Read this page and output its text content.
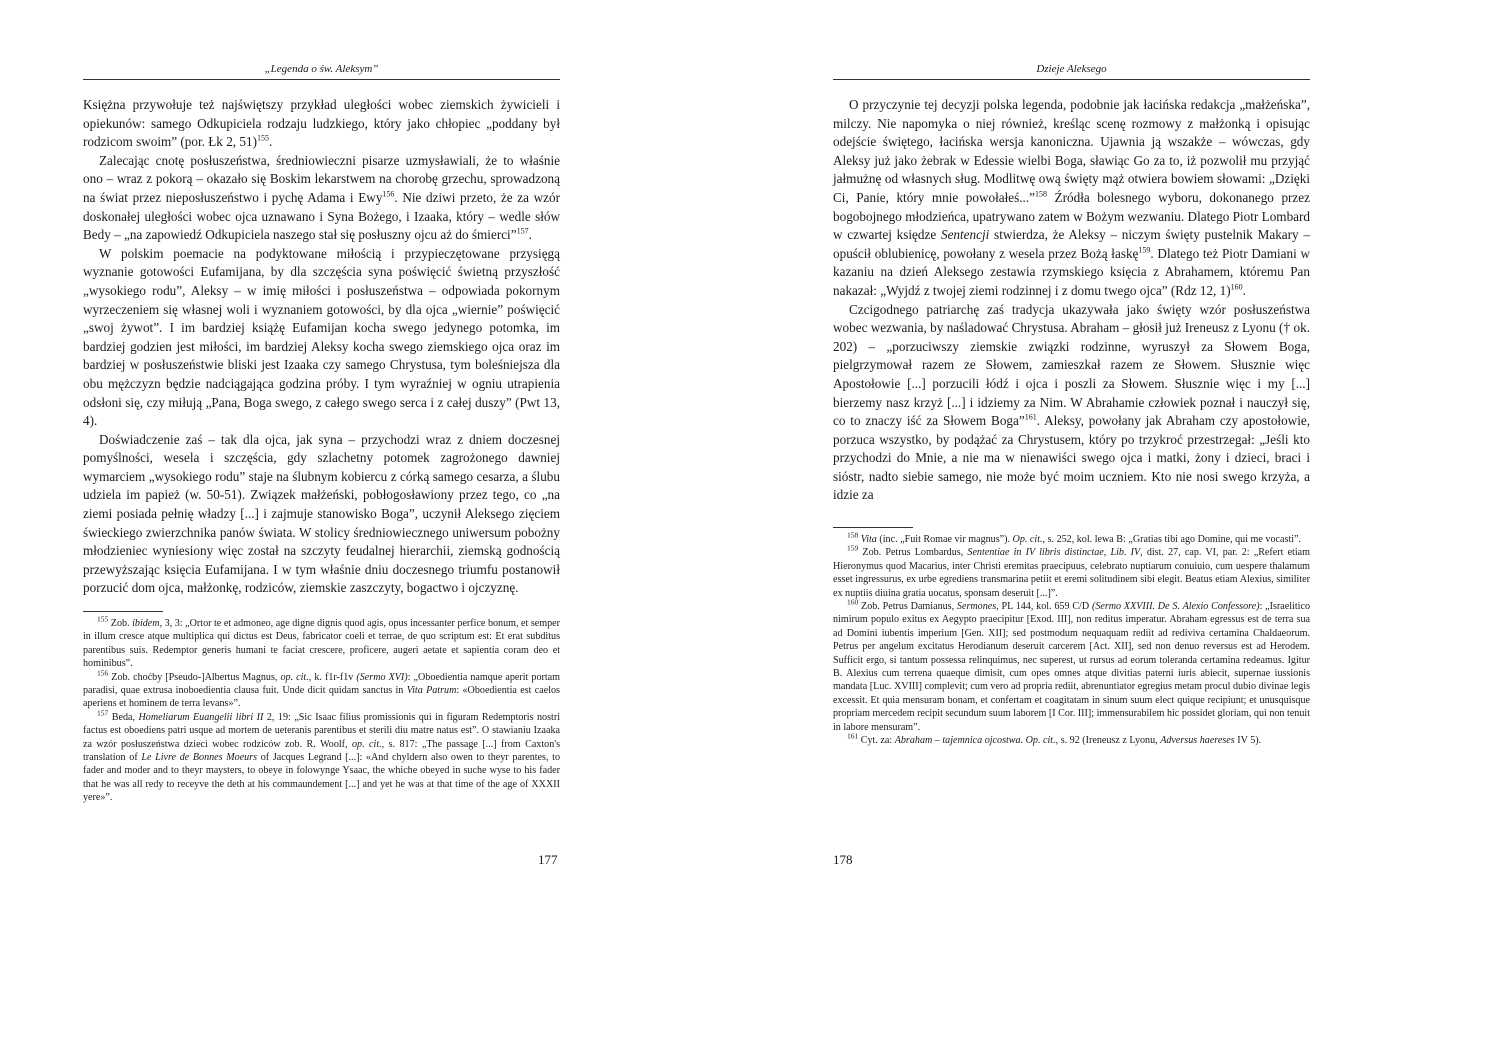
„Legenda o św. Aleksym”

Księżna przywołuje też najświętszy przykład uległości wobec ziemskich żywicieli i opiekunów: samego Odkupiciela rodzaju ludzkiego, który jako chłopiec „poddany był rodzicom swoim” (por. Łk 2, 51)$^{155}$.

Zalecając cnotę posłuszeństwa, średniowieczni pisarze uzmysławiali, że to właśnie ono – wraz z pokorą – okazało się Boskim lekarstwem na chorobę grzechu, sprowadzoną na świat przez nieposłuszeństwo i pychę Adama i Ewy$^{156}$. Nie dziwi przeto, że za wzór doskonałej uległości wobec ojca uznawano i Syna Bożego, i Izaaka, który – wedle słów Bedy – „na zapowiedź Odkupiciela naszego stał się posłuszny ojcu aż do śmierci”$^{157}$.

W polskim poemacie na podyktowane miłością i przypieczętowane przysięgą wyznanie gotowości Eufamijana, by dla szczęścia syna poświęcić świetną przyszłość „wysokiego rodu”, Aleksy – w imię miłości i posłuszeństwa – odpowiada pokornym wyrzeczeniem się własnej woli i wyznaniem gotowości, by dla ojca „wiernie” poświęcić „swoj żywot”. I im bardziej książę Eufamijan kocha swego jedynego potomka, im bardziej godzien jest miłości, im bardziej Aleksy kocha swego ziemskiego ojca oraz im bardziej w posłuszeństwie bliski jest Izaaka czy samego Chrystusa, tym boleśniejsza dla obu mężczyzn będzie nadciągająca godzina próby. I tym wyraźniej w ogniu utrapienia odsłoni się, czy miłują „Pana, Boga swego, z całego swego serca i z całej duszy” (Pwt 13, 4).

Doświadczenie zaś – tak dla ojca, jak syna – przychodzi wraz z dniem doczesnej pomyślności, wesela i szczęścia, gdy szlachetny potomek zagrożonego dawniej wymarciem „wysokiego rodu” staje na ślubnym kobiercu z córką samego cesarza, a ślubu udziela im papież (w. 50-51). Związek małżeński, pobłogosławiony przez tego, co „na ziemi posiada pełnię władzy [...] i zajmuje stanowisko Boga”, uczynił Aleksego zięciem świeckiego zwierzchnika panów świata. W stolicy średniowiecznego uniwersum pobożny młodzieniec wyniesiony więc został na szczyty feudalnej hierarchii, ziemską godnością przewyższając księcia Eufamijana. I w tym właśnie dniu doczesnego triumfu postanowił porzucić dom ojca, małżonkę, rodziców, ziemskie zaszczyty, bogactwo i ojczyznę.

$^{155}$ Zob. ibidem, 3, 3: „Ortor te et admoneo, age digne dignis quod agis, opus incessanter perfice bonum, et semper in illum cresce atque multiplica qui dictus est Deus, fabricator coeli et terrae, de quo scriptum est: Et erat subditus parentibus suis. Redemptor generis humani te faciat crescere, proficere, augeri aetate et sapientia coram deo et hominibus”.

$^{156}$ Zob. choćby [Pseudo-]Albertus Magnus, op. cit., k. f1r-f1v (Sermo XVI): „Oboedientia namque aperit portam paradisi, quae extrusa inoboedientia clausa fuit. Unde dicit quidam sanctus in Vita Patrum: «Oboedientia est caelos aperiens et hominem de terra levans»”.

$^{157}$ Beda, Homeliarum Euangelii libri II 2, 19: „Sic Isaac filius promissionis qui in figuram Redemptoris nostri factus est oboediens patri usque ad mortem de ueteranis parentibus et sterili diu matre natus est”. O stawianiu Izaaka za wzór posłuszeństwa dzieci wobec rodziców zob. R. Woolf, op. cit., s. 817: „The passage [...] from Caxton's translation of Le Livre de Bonnes Moeurs of Jacques Legrand [...]: «And chyldern also owen to theyr parentes, to fader and moder and to theyr maysters, to obeye in folowynge Ysaac, the whiche obeyed in suche wyse to his fader that he was all redy to receyve the deth at his commaundement [...] and yet he was at that time of the age of XXXII yere»”.

177
Dzieje Aleksego

O przyczynie tej decyzji polska legenda, podobnie jak łacińska redakcja „małżeńska”, milczy. Nie napomyka o niej również, kreśląc scenę rozmowy z małżonką i opisując odejście świętego, łacińska wersja kanoniczna. Ujawnia ją wszakże – wówczas, gdy Aleksy już jako żebrak w Edessie wielbi Boga, sławiąc Go za to, iż pozwolił mu przyjąć jałmużnę od własnych sług. Modlitwę ową święty mąż otwiera bowiem słowami: „Dzięki Ci, Panie, który mnie powołałeś...”$^{158}$ Źródła bolesnego wyboru, dokonanego przez bogobojnego młodzieńca, upatrywano zatem w Bożym wezwaniu. Dlatego Piotr Lombard w czwartej księdze Sentencji stwierdza, że Aleksy – niczym święty pustelnik Makary – opuścił oblubienicę, powołany z wesela przez Bożą łaskę$^{159}$. Dlatego też Piotr Damiani w kazaniu na dzień Aleksego zestawia rzymskiego księcia z Abrahamem, któremu Pan nakazał: „Wyjdź z twojej ziemi rodzinnej i z domu twego ojca” (Rdz 12, 1)$^{160}$.

Czcigodnego patriarchę zaś tradycja ukazywała jako święty wzór posłuszeństwa wobec wezwania, by naśladować Chrystusa. Abraham – głosił już Ireneusz z Lyonu († ok. 202) – „porzuciwszy ziemskie związki rodzinne, wyruszył za Słowem Boga, pielgrzymował razem ze Słowem, zamieszkał razem ze Słowem. Słusznie więc Apostołowie [...] porzucili łódź i ojca i poszli za Słowem. Słusznie więc i my [...] bierzemy nasz krzyż [...] i idziemy za Nim. W Abrahamie człowiek poznał i nauczył się, co to znaczy iść za Słowem Boga”$^{161}$. Aleksy, powołany jak Abraham czy apostołowie, porzuca wszystko, by podążać za Chrystusem, który po trzykroć przestrzegał: „Jeśli kto przychodzi do Mnie, a nie ma w nienawiści swego ojca i matki, żony i dzieci, braci i sióstr, nadto siebie samego, nie może być moim uczniem. Kto nie nosi swego krzyża, a idzie za

$^{158}$ Vita (inc. „Fuit Romae vir magnus”). Op. cit., s. 252, kol. lewa B: „Gratias tibi ago Domine, qui me vocasti”.

$^{159}$ Zob. Petrus Lombardus, Sententiae in IV libris distinctae, Lib. IV, dist. 27, cap. VI, par. 2: „Refert etiam Hieronymus quod Macarius, inter Christi eremitas praecipuus, celebrato nuptiarum conuiuio, cum uespere thalamum esset ingressurus, ex urbe egrediens transmarina petiit et eremi solitudinem sibi elegit. Beatus etiam Alexius, similiter ex nuptiis diuina gratia uocatus, sponsam deseruit [...]”.

$^{160}$ Zob. Petrus Damianus, Sermones, PL 144, kol. 659 C/D (Sermo XXVIII. De S. Alexio Confessore): „Israelitico nimirum populo exitus ex Aegypto praecipitur [Exod. III], non reditus imperatur. Abraham egressus est de terra sua ad Domini iubentis imperium [Gen. XII]; sed postmodum nequaquam rediit ad rediviva certamina Chaldaeorum. Petrus per angelum excitatus Herodianum deseruit carcerem [Act. XII], sed non denuo reversus est ad Herodem. Sufficit ergo, si tantum possessa relinquimus, nec superest, ut rursus ad eorum toleranda certamina redeamus. Igitur B. Alexius cum terrena quaeque dimisit, cum opes omnes atque divitias paterni iuris abiecit, supernae iussionis mandata [Luc. XVIII] complevit; cum vero ad propria rediit, abrenuntiator egregius metam procul dubio divinae legis excessit. Et quia mensuram bonam, et confertam et coagitatam in sinum suum elect quique recipiunt; et unusquisque propriam mercedem recipit secundum suum laborem [I Cor. III]; immensurabilem hic possidet gloriam, qui non tenuit in labore mensuram”.

$^{161}$ Cyt. za: Abraham – tajemnica ojcostwa. Op. cit., s. 92 (Ireneusz z Lyonu, Adversus haereses IV 5).

178
